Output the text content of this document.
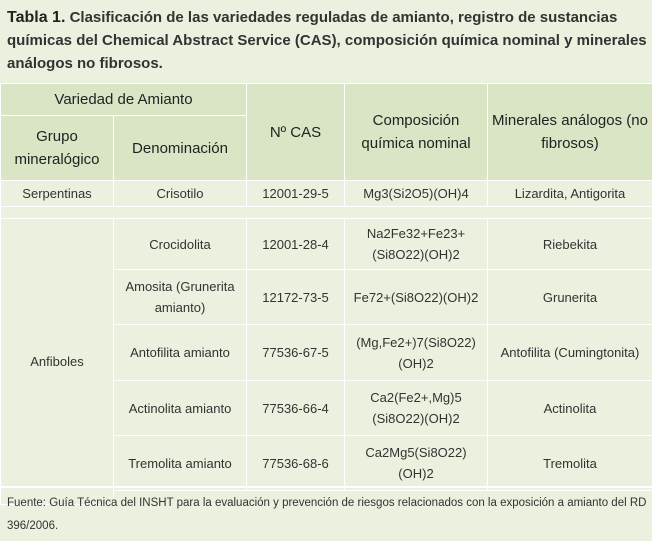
Tabla 1. Clasificación de las variedades reguladas de amianto, registro de sustancias químicas del Chemical Abstract Service (CAS), composición química nominal y minerales análogos no fibrosos.
Variedad de Amianto		Nº CAS	Composición química nominal	Minerales análogos (no fibrosos)
Grupo mineralógico	Denominación			
Serpentinas	Crisotilo	12001-29-5	Mg3(Si2O5)(OH)4	Lizardita, Antigorita

Anfiboles	Crocidolita	12001-28-4	Na2Fe32+Fe23+ (Si8O22)(OH)2	Riebekita
	Amosita (Grunerita amianto)	12172-73-5	Fe72+(Si8O22)(OH)2	Grunerita
	Antofilita amianto	77536-67-5	(Mg,Fe2+)7(Si8O22) (OH)2	Antofilita (Cumingtonita)
	Actinolita amianto	77536-66-4	Ca2(Fe2+,Mg)5 (Si8O22)(OH)2	Actinolita
	Tremolita amianto	77536-68-6	Ca2Mg5(Si8O22) (OH)2	Tremolita

Fuente: Guía Técnica del INSHT para la evaluación y prevención de riesgos relacionados con la exposición a amianto del RD 396/2006.
